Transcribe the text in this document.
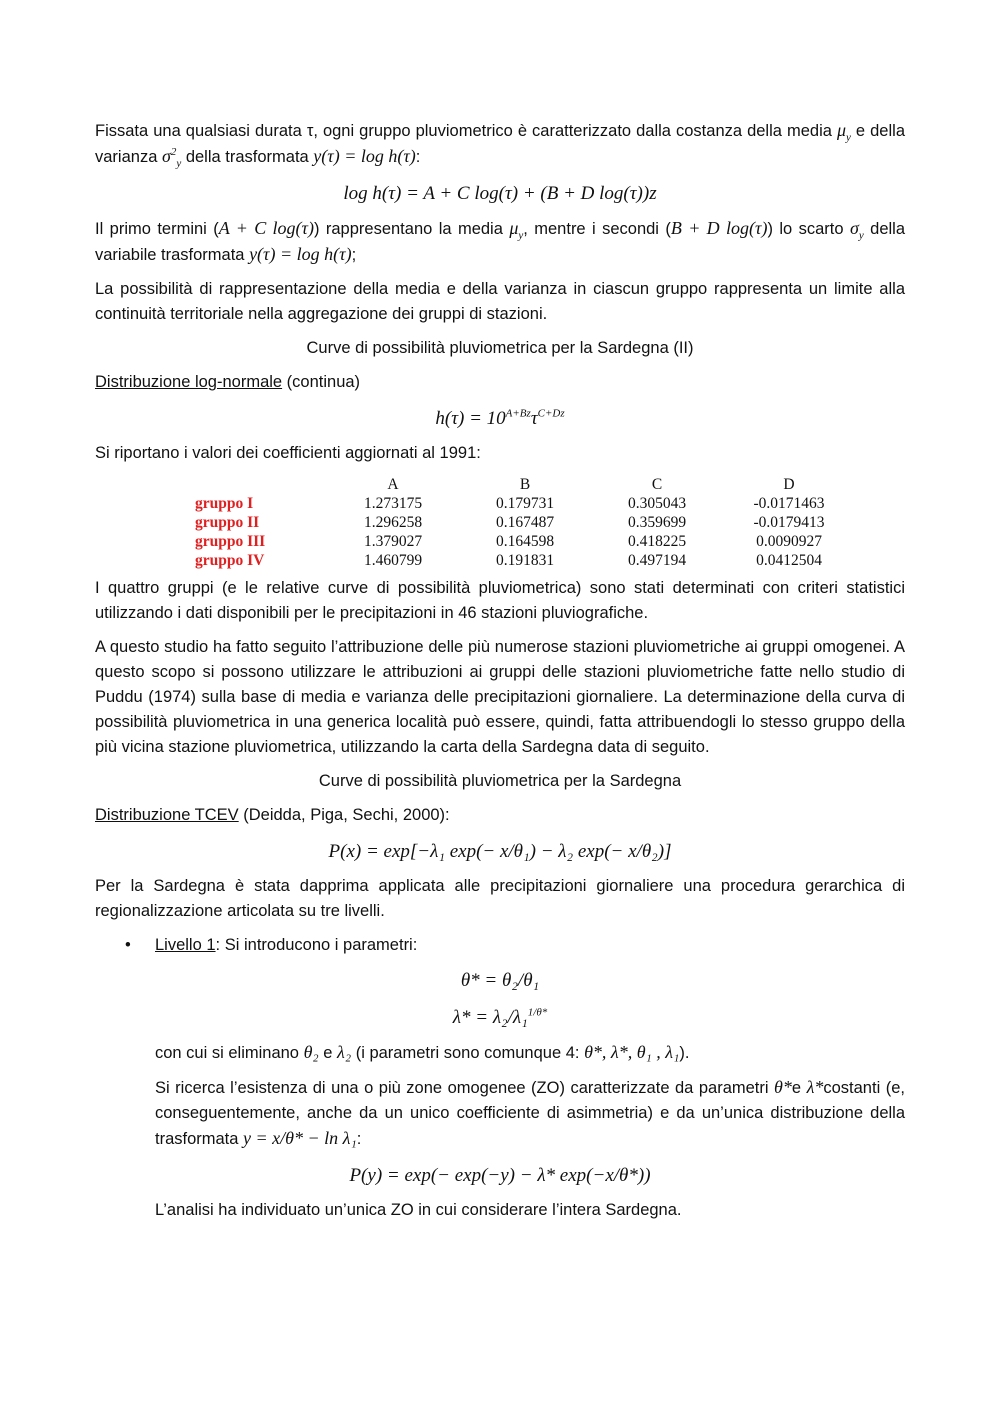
Fissata una qualsiasi durata τ, ogni gruppo pluviometrico è caratterizzato dalla costanza della media $\mu_y$ e della varianza $\sigma^2_y$ della trasformata y(τ) = log h(τ):

log h(τ) = A + C log(τ) + (B + D log(τ))z

Il primo termini (A + C log(τ)) rappresentano la media $\mu_y$, mentre i secondi (B + D log(τ)) lo scarto $\sigma_y$ della variabile trasformata y(τ) = log h(τ);

La possibilità di rappresentazione della media e della varianza in ciascun gruppo rappresenta un limite alla continuità territoriale nella aggregazione dei gruppi di stazioni.

Curve di possibilità pluviometrica per la Sardegna (II)

Distribuzione log-normale (continua)

$h(\tau) = 10^{A+Bz}\tau^{C+Dz}$

Si riportano i valori dei coefficienti aggiornati al 1991:

	A	B	C	D
gruppo I	1.273175	0.179731	0.305043	-0.0171463
gruppo II	1.296258	0.167487	0.359699	-0.0179413
gruppo III	1.379027	0.164598	0.418225	0.0090927
gruppo IV	1.460799	0.191831	0.497194	0.0412504

I quattro gruppi (e le relative curve di possibilità pluviometrica) sono stati determinati con criteri statistici utilizzando i dati disponibili per le precipitazioni in 46 stazioni pluviografiche.

A questo studio ha fatto seguito l’attribuzione delle più numerose stazioni pluviometriche ai gruppi omogenei. A questo scopo si possono utilizzare le attribuzioni ai gruppi delle stazioni pluviometriche fatte nello studio di Puddu (1974) sulla base di media e varianza delle precipitazioni giornaliere. La determinazione della curva di possibilità pluviometrica in una generica località può essere, quindi, fatta attribuendogli lo stesso gruppo della più vicina stazione pluviometrica, utilizzando la carta della Sardegna data di seguito.

Curve di possibilità pluviometrica per la Sardegna

Distribuzione TCEV (Deidda, Piga, Sechi, 2000):

P(x) = exp[−λ₁ exp(− x/θ₁) − λ₂ exp(− x/θ₂)]

Per la Sardegna è stata dapprima applicata alle precipitazioni giornaliere una procedura gerarchica di regionalizzazione articolata su tre livelli.

• Livello 1: Si introducono i parametri:
θ* = θ₂/θ₁
λ* = λ₂/λ₁$^{1/\theta*}$

con cui si eliminano θ₂ e λ₂ (i parametri sono comunque 4: θ*, λ*, θ₁ , λ₁).

Si ricerca l’esistenza di una o più zone omogenee (ZO) caratterizzate da parametri θ*e λ*costanti (e, conseguentemente, anche da un unico coefficiente di asimmetria) e da un’unica distribuzione della trasformata y = x/θ* − ln λ₁:

P(y) = exp(− exp(−y) − λ* exp(−x/θ*))

L’analisi ha individuato un’unica ZO in cui considerare l’intera Sardegna.
